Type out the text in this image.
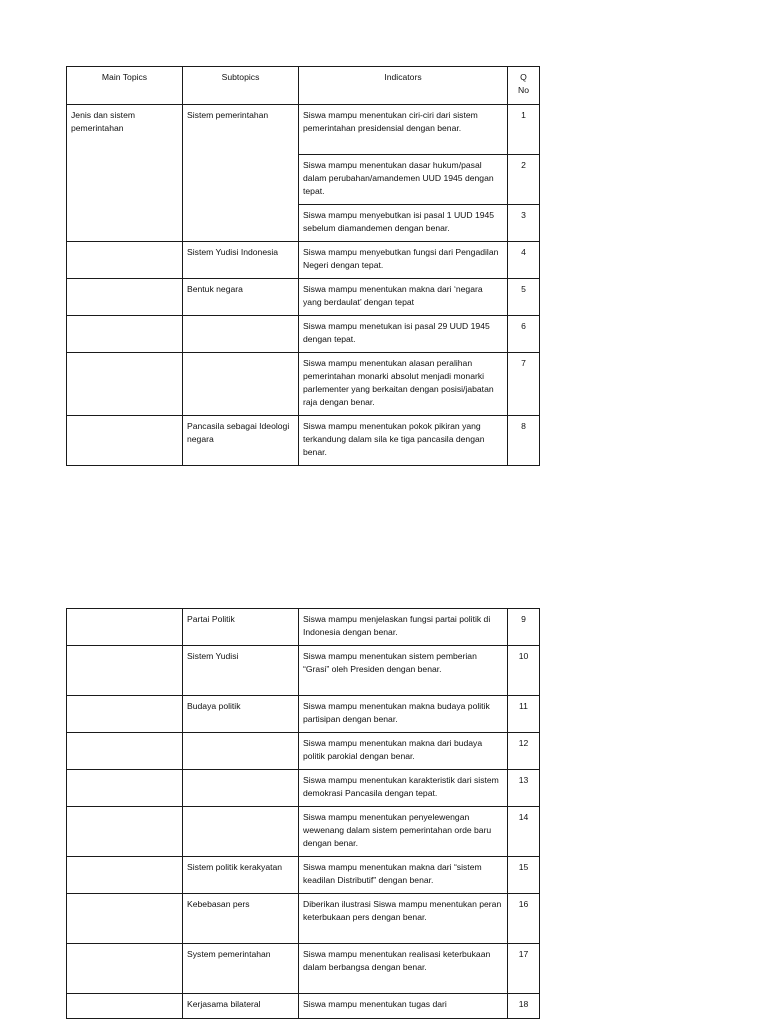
Main Topics	Subtopics	Indicators	Q
No
Jenis dan sistem pemerintahan	Sistem pemerintahan	Siswa mampu menentukan ciri-ciri dari sistem pemerintahan presidensial dengan benar.	1
		Siswa mampu menentukan dasar hukum/pasal dalam perubahan/amandemen UUD 1945 dengan tepat.	2
		Siswa mampu menyebutkan isi pasal 1 UUD 1945 sebelum diamandemen dengan benar.	3
	Sistem Yudisi Indonesia	Siswa mampu menyebutkan fungsi dari Pengadilan Negeri dengan tepat.	4
	Bentuk negara	Siswa mampu menentukan makna dari ‘negara yang berdaulat’ dengan tepat	5
		Siswa mampu menetukan isi pasal 29 UUD 1945 dengan tepat.	6
		Siswa mampu menentukan alasan peralihan pemerintahan monarki absolut menjadi monarki parlementer yang berkaitan dengan posisi/jabatan raja dengan benar.	7
	Pancasila sebagai Ideologi negara	Siswa mampu menentukan pokok pikiran yang terkandung dalam sila ke tiga pancasila dengan benar.	8
	Partai Politik	Siswa mampu menjelaskan fungsi partai politik di Indonesia dengan benar.	9
	Sistem Yudisi	Siswa mampu menentukan sistem pemberian “Grasi” oleh Presiden dengan benar.	10
	Budaya politik	Siswa mampu menentukan makna budaya politik partisipan dengan benar.	11
		Siswa mampu menentukan makna dari budaya politik parokial dengan benar.	12
		Siswa mampu menentukan karakteristik dari sistem demokrasi Pancasila dengan tepat.	13
		Siswa mampu menentukan penyelewengan wewenang dalam sistem pemerintahan orde baru dengan benar.	14
	Sistem politik kerakyatan	Siswa mampu menentukan makna dari “sistem keadilan Distributif” dengan benar.	15
	Kebebasan pers	Diberikan ilustrasi Siswa mampu menentukan peran keterbukaan pers dengan benar.	16
	System pemerintahan	Siswa mampu menentukan realisasi keterbukaan dalam berbangsa dengan benar.	17
	Kerjasama bilateral	Siswa mampu menentukan tugas dari	18
